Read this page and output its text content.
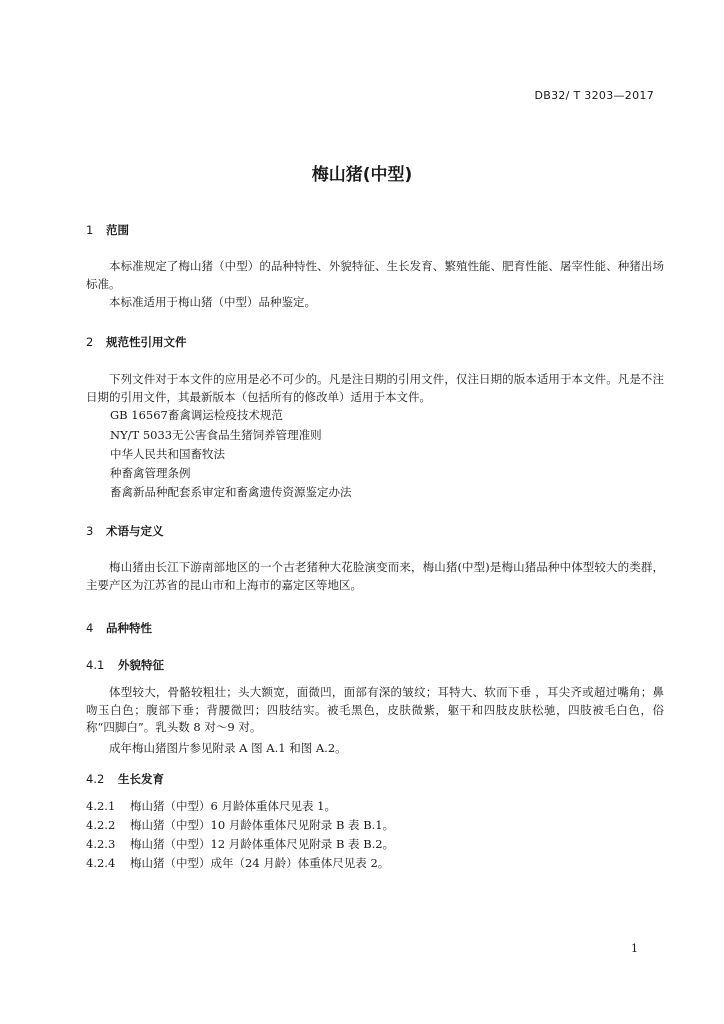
DB32/ T 3203—2017
梅山猪(中型)
1 范围

本标准规定了梅山猪（中型）的品种特性、外貌特征、生长发育、繁殖性能、肥育性能、屠宰性能、种猪出场标准。

本标准适用于梅山猪（中型）品种鉴定。

2 规范性引用文件

下列文件对于本文件的应用是必不可少的。凡是注日期的引用文件，仅注日期的版本适用于本文件。凡是不注日期的引用文件，其最新版本（包括所有的修改单）适用于本文件。

GB 16567畜禽调运检疫技术规范
NY/T 5033无公害食品生猪饲养管理准则
中华人民共和国畜牧法
种畜禽管理条例
畜禽新品种配套系审定和畜禽遗传资源鉴定办法
3 术语与定义

梅山猪由长江下游南部地区的一个古老猪种大花脸演变而来，梅山猪(中型)是梅山猪品种中体型较大的类群，主要产区为江苏省的昆山市和上海市的嘉定区等地区。

4 品种特性
4.1 外貌特征

体型较大，骨骼较粗壮；头大额宽，面微凹，面部有深的皱纹；耳特大、软而下垂 ，耳尖齐或超过嘴角；鼻吻玉白色；腹部下垂；背腰微凹；四肢结实。被毛黑色，皮肤微紫，躯干和四肢皮肤松驰，四肢被毛白色，俗称“四脚白”。乳头数 8 对～9 对。

成年梅山猪图片参见附录 A 图 A.1 和图 A.2。

4.2 生长发育
4.2.1 梅山猪（中型）6 月龄体重体尺见表 1。
4.2.2 梅山猪（中型）10 月龄体重体尺见附录 B 表 B.1。
4.2.3 梅山猪（中型）12 月龄体重体尺见附录 B 表 B.2。
4.2.4 梅山猪（中型）成年（24 月龄）体重体尺见表 2。
1
